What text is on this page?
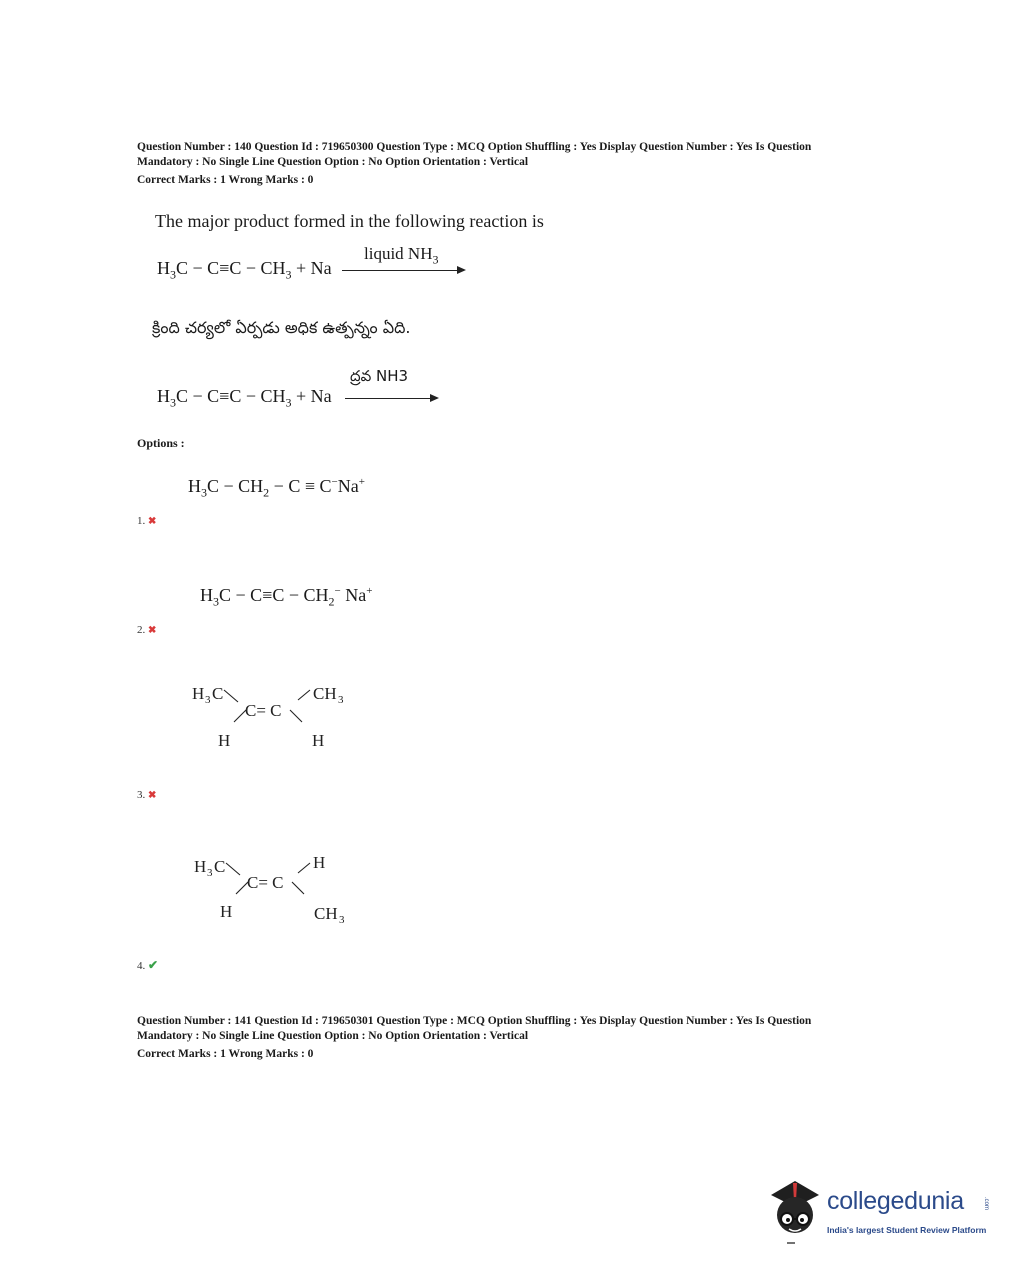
Question Number : 140 Question Id : 719650300 Question Type : MCQ Option Shuffling : Yes Display Question Number : Yes Is Question
Mandatory : No Single Line Question Option : No Option Orientation : Vertical
Correct Marks : 1 Wrong Marks : 0
The major product formed in the following reaction is
$H_3C - C\equiv C - CH_3 + Na$
liquid $NH_3$
క్రింది చర్యలో ఏర్పడు అధిక ఉత్పన్నం ఏది.
$H_3C - C\equiv C - CH_3 + Na$
ద్రవ NH3
Options :
$H_3C - CH_2 - C \equiv C^-Na^+$
1. ✖
$H_3C - C\equiv C - CH_2^-$ Na+
2. ✖
H 3 C	CH 3
C= C
H	H
3. ✖
H 3 C	H
C= C
H	CH 3
4. ✔
Question Number : 141 Question Id : 719650301 Question Type : MCQ Option Shuffling : Yes Display Question Number : Yes Is Question
Mandatory : No Single Line Question Option : No Option Orientation : Vertical
Correct Marks : 1 Wrong Marks : 0
collegedunia	.com
India's largest Student Review Platform
